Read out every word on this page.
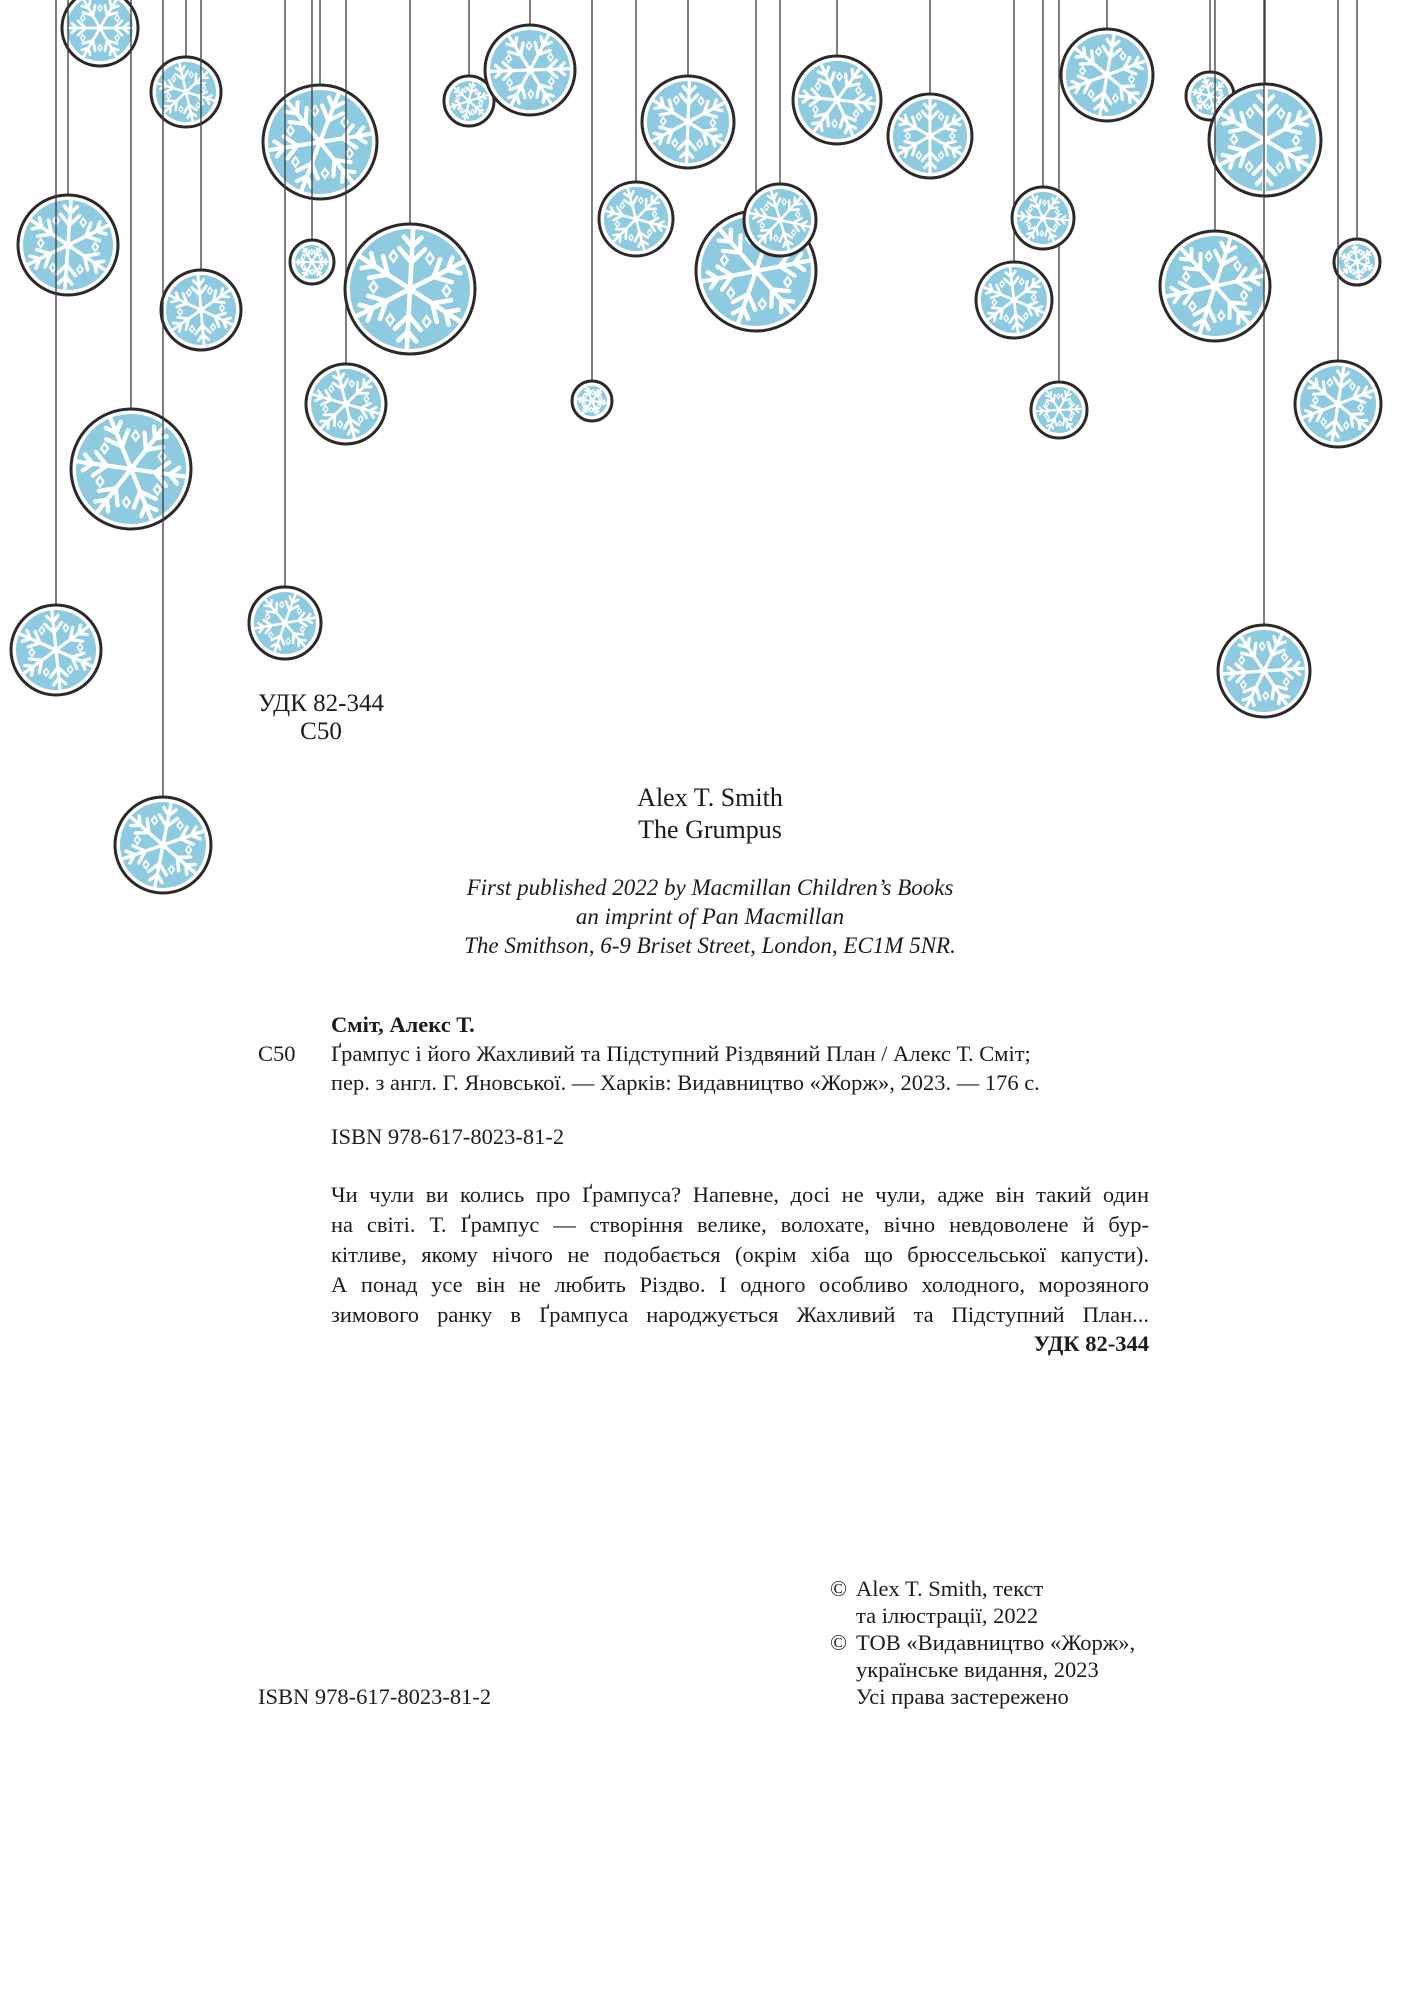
УДК 82-344
С50
Alex T. Smith
The Grumpus
First published 2022 by Macmillan Children’s Books
an imprint of Pan Macmillan
The Smithson, 6-9 Briset Street, London, EC1M 5NR.
Сміт, Алекс Т.
С50 Ґрампус і його Жахливий та Підступний Різдвяний План / Алекс Т. Сміт;
пер. з англ. Г. Яновської. — Харків: Видавництво «Жорж», 2023. — 176 с.
ISBN 978-617-8023-81-2
Чи чули ви колись про Ґрампуса? Напевне, досі не чули, адже він такий один
на світі. Т. Ґрампус — створіння велике, волохате, вічно невдоволене й бур-
кітливе, якому нічого не подобається (окрім хіба що брюссельської капусти).
А понад усе він не любить Різдво. І одного особливо холодного, морозяного
зимового ранку в Ґрампуса народжується Жахливий та Підступний План...
УДК 82-344
ISBN 978-617-8023-81-2
© Alex T. Smith, текст
та ілюстрації, 2022
© ТОВ «Видавництво «Жорж»,
українське видання, 2023
Усі права застережено
